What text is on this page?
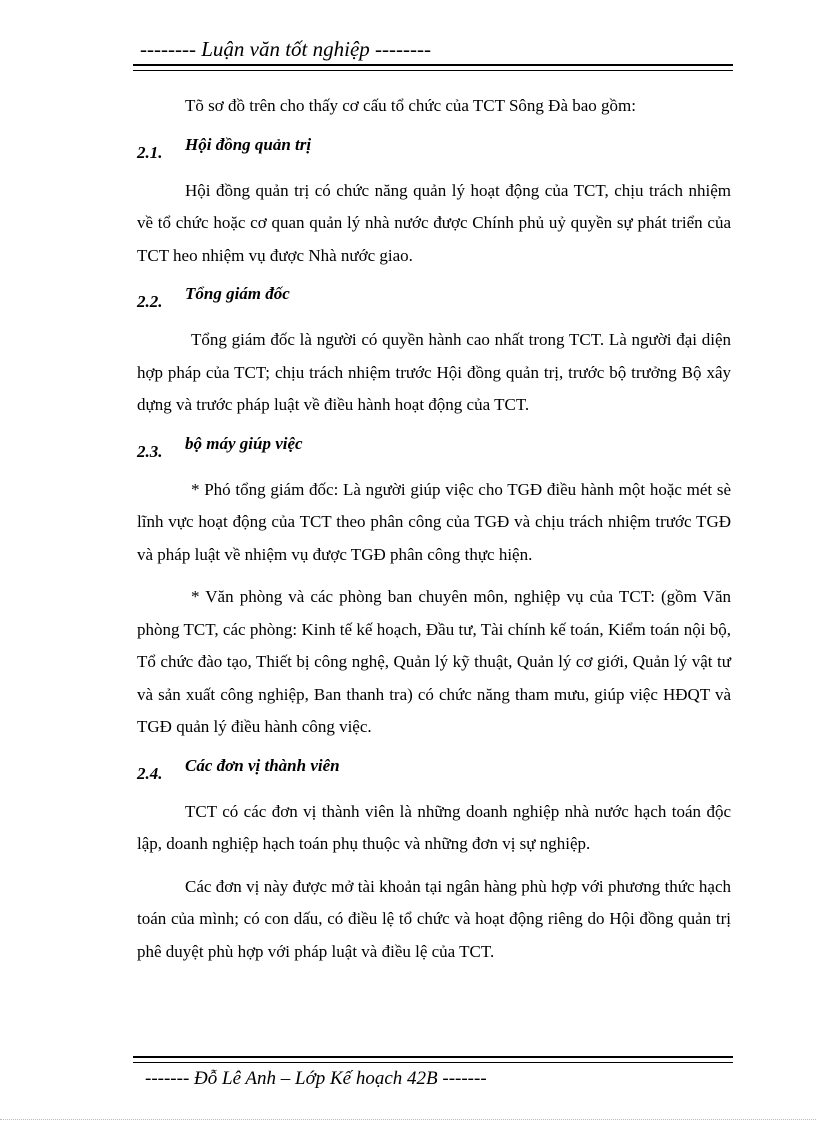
-------- Luận văn tốt nghiệp --------

Tõ sơ đồ trên cho thấy cơ cấu tổ chức của TCT Sông Đà bao gồm:

2.1. Hội đồng quản trị

Hội đồng quản trị có chức năng quản lý hoạt động của TCT, chịu trách nhiệm về tổ chức hoặc cơ quan quản lý nhà nước được Chính phủ uỷ quyền sự phát triển của TCT heo nhiệm vụ được Nhà nước giao.

2.2. Tổng giám đốc

Tổng giám đốc là người có quyền hành cao nhất trong TCT. Là người đại diện hợp pháp của TCT; chịu trách nhiệm trước Hội đồng quản trị, trước bộ trưởng Bộ xây dựng và trước pháp luật về điều hành hoạt động của TCT.

2.3. bộ máy giúp việc

* Phó tổng giám đốc: Là người giúp việc cho TGĐ điều hành một hoặc mét sè lĩnh vực hoạt động của TCT theo phân công của TGĐ và chịu trách nhiệm trước TGĐ và pháp luật về nhiệm vụ được TGĐ phân công thực hiện.

* Văn phòng và các phòng ban chuyên môn, nghiệp vụ của TCT: (gồm Văn phòng TCT, các phòng: Kinh tế kế hoạch, Đầu tư, Tài chính kế toán, Kiểm toán nội bộ, Tổ chức đào tạo, Thiết bị công nghệ, Quản lý kỹ thuật, Quản lý cơ giới, Quản lý vật tư và sản xuất công nghiệp, Ban thanh tra) có chức năng tham mưu, giúp việc HĐQT và TGĐ quản lý điều hành công việc.

2.4. Các đơn vị thành viên

TCT có các đơn vị thành viên là những doanh nghiệp nhà nước hạch toán độc lập, doanh nghiệp hạch toán phụ thuộc và những đơn vị sự nghiệp.

Các đơn vị này được mở tài khoản tại ngân hàng phù hợp với phương thức hạch toán của mình; có con dấu, có điều lệ tổ chức và hoạt động riêng do Hội đồng quản trị phê duyệt phù hợp với pháp luật và điều lệ của TCT.

------- Đỗ Lê Anh – Lớp Kế hoạch 42B -------
